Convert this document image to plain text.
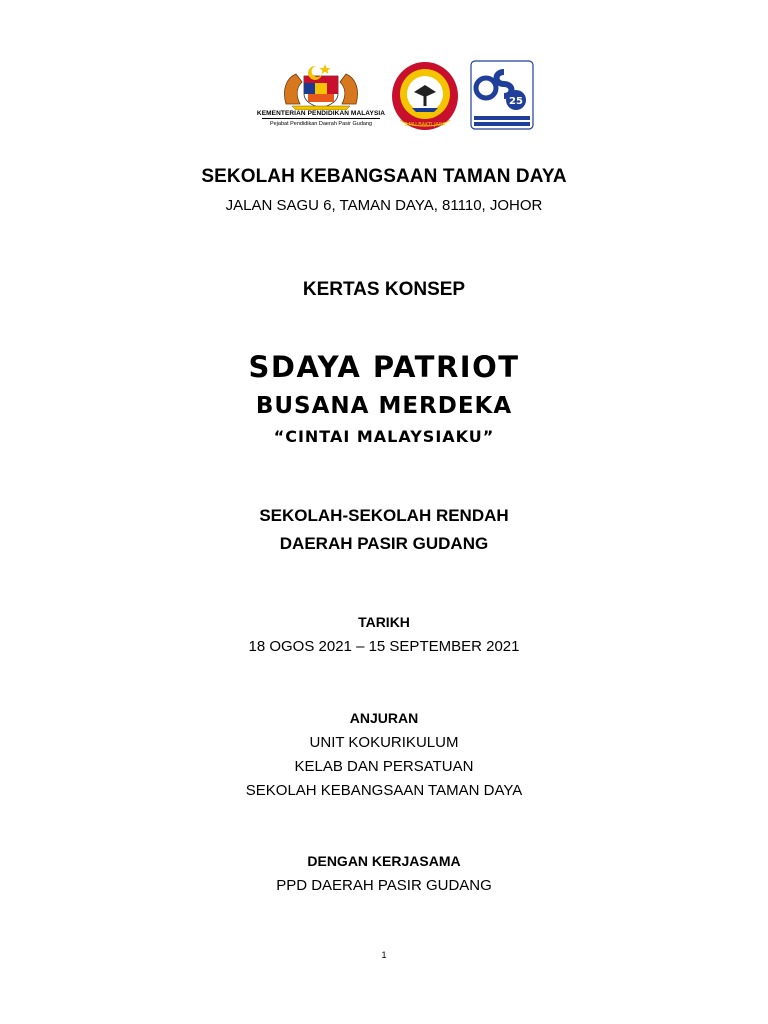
KEMENTERIAN PENDIDIKAN MALAYSIA
Pejabat Pendidikan Daerah Pasir Gudang	ILMU BAKTI JASA
25
SEKOLAH KEBANGSAAN TAMAN DAYA
JALAN SAGU 6, TAMAN DAYA, 81110, JOHOR
KERTAS KONSEP
SDAYA PATRIOT
BUSANA MERDEKA
“CINTAI MALAYSIAKU”
SEKOLAH-SEKOLAH RENDAH
DAERAH PASIR GUDANG
TARIKH
18 OGOS 2021 – 15 SEPTEMBER 2021
ANJURAN
UNIT KOKURIKULUM
KELAB DAN PERSATUAN
SEKOLAH KEBANGSAAN TAMAN DAYA
DENGAN KERJASAMA
PPD DAERAH PASIR GUDANG
1
